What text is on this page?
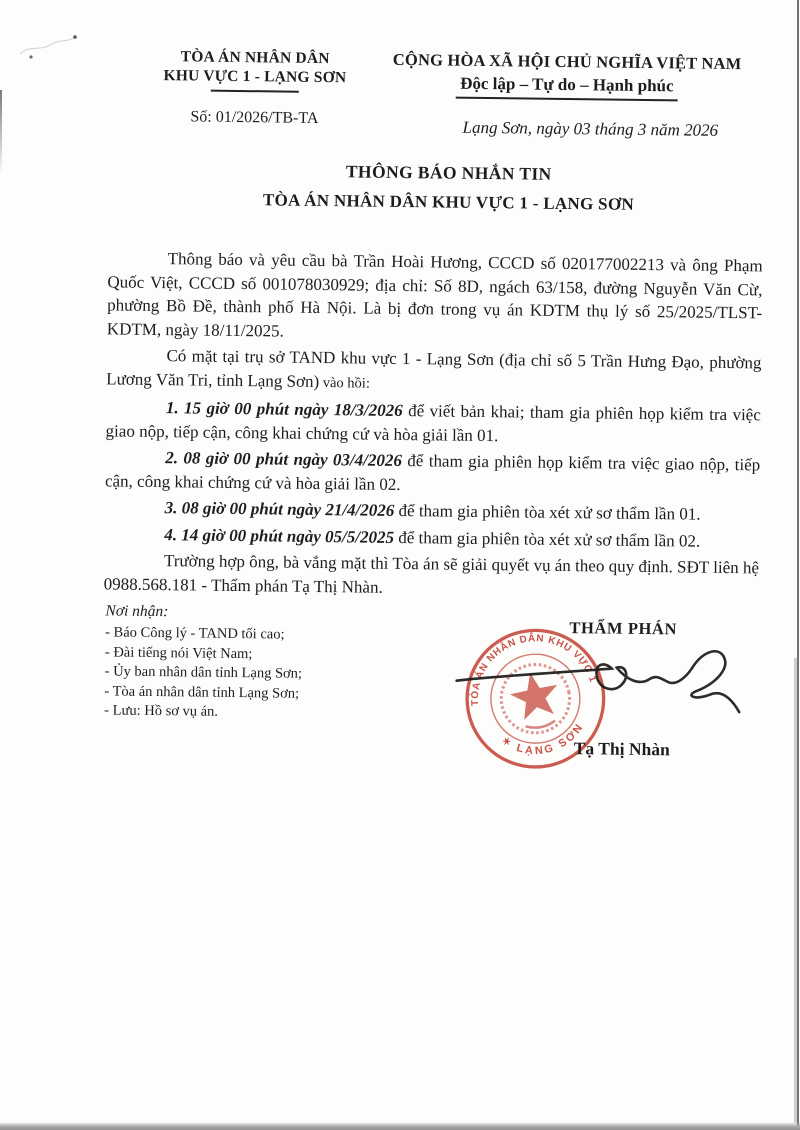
TÒA ÁN NHÂN DÂN
KHU VỰC 1 - LẠNG SƠN
Số: 01/2026/TB-TA
CỘNG HÒA XÃ HỘI CHỦ NGHĨA VIỆT NAM
Độc lập – Tự do – Hạnh phúc
Lạng Sơn, ngày 03 tháng 3 năm 2026
THÔNG BÁO NHẮN TIN
TÒA ÁN NHÂN DÂN KHU VỰC 1 - LẠNG SƠN

Thông báo và yêu cầu bà Trần Hoài Hương, CCCD số 020177002213 và ông Phạm Quốc Việt, CCCD số 001078030929; địa chỉ: Số 8D, ngách 63/158, đường Nguyễn Văn Cừ, phường Bồ Đề, thành phố Hà Nội. Là bị đơn trong vụ án KDTM thụ lý số 25/2025/TLST-KDTM, ngày 18/11/2025.

Có mặt tại trụ sở TAND khu vực 1 - Lạng Sơn (địa chỉ số 5 Trần Hưng Đạo, phường Lương Văn Tri, tỉnh Lạng Sơn) vào hồi:

1. 15 giờ 00 phút ngày 18/3/2026 để viết bản khai; tham gia phiên họp kiểm tra việc giao nộp, tiếp cận, công khai chứng cứ và hòa giải lần 01.

2. 08 giờ 00 phút ngày 03/4/2026 để tham gia phiên họp kiểm tra việc giao nộp, tiếp cận, công khai chứng cứ và hòa giải lần 02.

3. 08 giờ 00 phút ngày 21/4/2026 để tham gia phiên tòa xét xử sơ thẩm lần 01.

4. 14 giờ 00 phút ngày 05/5/2025 để tham gia phiên tòa xét xử sơ thẩm lần 02.

Trường hợp ông, bà vắng mặt thì Tòa án sẽ giải quyết vụ án theo quy định. SĐT liên hệ 0988.568.181 - Thẩm phán Tạ Thị Nhàn.

Nơi nhận:
- Báo Công lý - TAND tối cao;
- Đài tiếng nói Việt Nam;
- Ủy ban nhân dân tỉnh Lạng Sơn;
- Tòa án nhân dân tỉnh Lạng Sơn;
- Lưu: Hồ sơ vụ án.
THẨM PHÁN
TÒA ÁN NHÂN DÂN KHU VỰC 1
✶ LẠNG SƠN
Tạ Thị Nhàn
